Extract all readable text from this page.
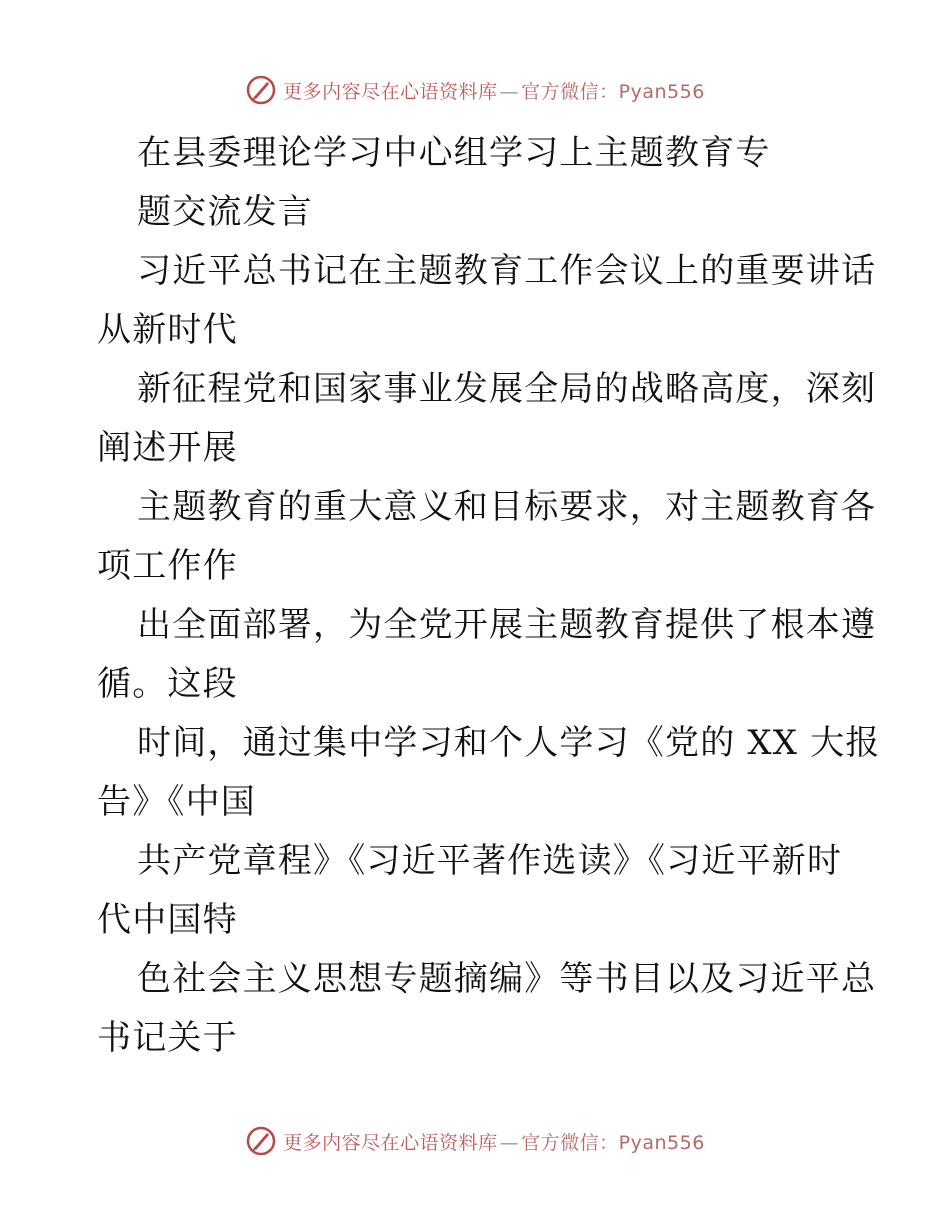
更多内容尽在心语资料库 — 官方微信：Pyan556
在县委理论学习中心组学习上主题教育专
题交流发言
习近平总书记在主题教育工作会议上的重要讲话
从新时代
新征程党和国家事业发展全局的战略高度，深刻
阐述开展
主题教育的重大意义和目标要求，对主题教育各
项工作作
出全面部署，为全党开展主题教育提供了根本遵
循。这段
时间，通过集中学习和个人学习《党的 XX 大报
告》《中国
共产党章程》《习近平著作选读》《习近平新时
代中国特
色社会主义思想专题摘编》等书目以及习近平总
书记关于
更多内容尽在心语资料库 — 官方微信：Pyan556
